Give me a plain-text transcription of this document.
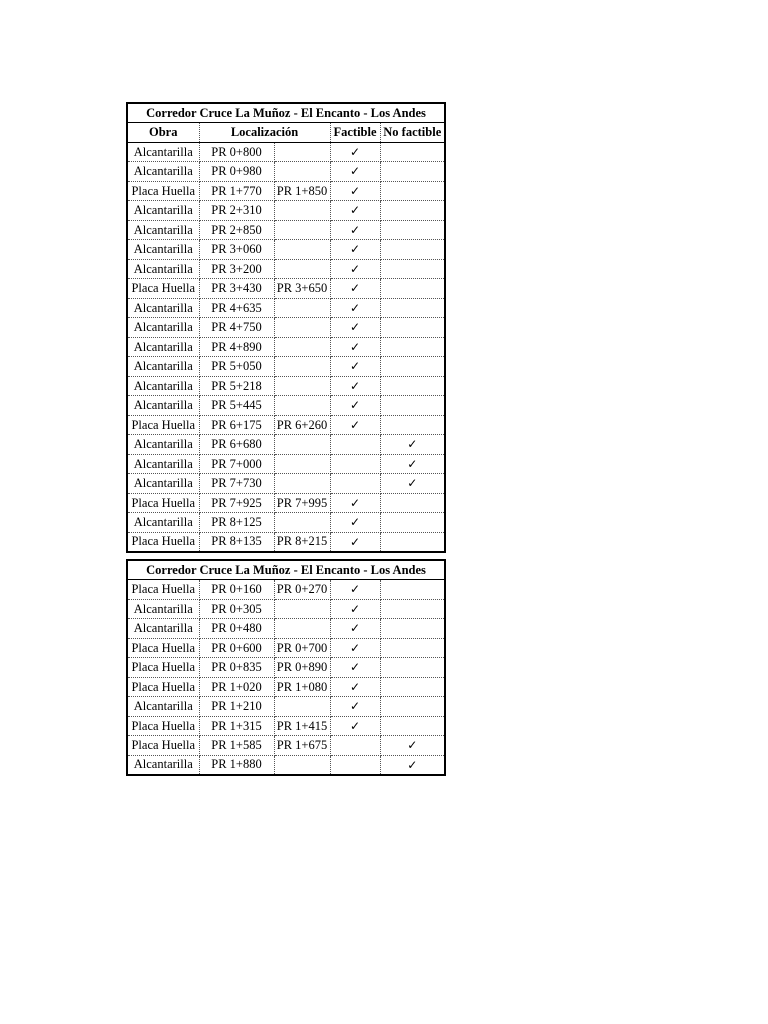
Corredor Cruce La Muñoz - El Encanto - Los Andes				
Obra	Localización		Factible	No factible
Alcantarilla	PR 0+800		✓	
Alcantarilla	PR 0+980		✓	
Placa Huella	PR 1+770	PR 1+850	✓	
Alcantarilla	PR 2+310		✓	
Alcantarilla	PR 2+850		✓	
Alcantarilla	PR 3+060		✓	
Alcantarilla	PR 3+200		✓	
Placa Huella	PR 3+430	PR 3+650	✓	
Alcantarilla	PR 4+635		✓	
Alcantarilla	PR 4+750		✓	
Alcantarilla	PR 4+890		✓	
Alcantarilla	PR 5+050		✓	
Alcantarilla	PR 5+218		✓	
Alcantarilla	PR 5+445		✓	
Placa Huella	PR 6+175	PR 6+260	✓	
Alcantarilla	PR 6+680			✓
Alcantarilla	PR 7+000			✓
Alcantarilla	PR 7+730			✓
Placa Huella	PR 7+925	PR 7+995	✓	
Alcantarilla	PR 8+125		✓	
Placa Huella	PR 8+135	PR 8+215	✓	
Corredor Cruce La Muñoz - El Encanto - Los Andes				
Placa Huella	PR 0+160	PR 0+270	✓	
Alcantarilla	PR 0+305		✓	
Alcantarilla	PR 0+480		✓	
Placa Huella	PR 0+600	PR 0+700	✓	
Placa Huella	PR 0+835	PR 0+890	✓	
Placa Huella	PR 1+020	PR 1+080	✓	
Alcantarilla	PR 1+210		✓	
Placa Huella	PR 1+315	PR 1+415	✓	
Placa Huella	PR 1+585	PR 1+675		✓
Alcantarilla	PR 1+880			✓
